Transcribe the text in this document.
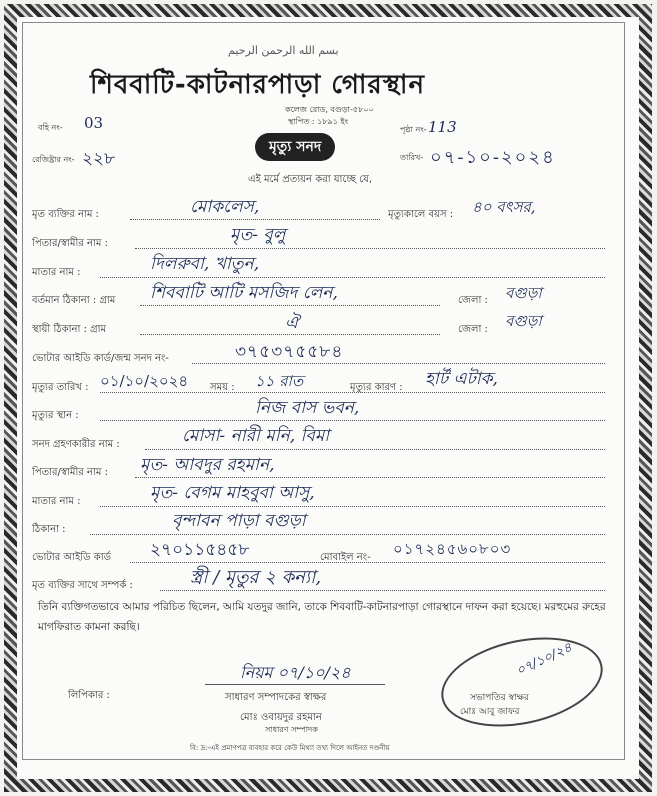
بسم الله الرحمن الرحيم
শিববাটি-কাটনারপাড়া গোরস্থান
কলেজ রোড, বগুড়া-৫৮০০
স্থাপিত : ১৮৯১ ইং
মৃত্যু সনদ
এই মর্মে প্রত্যয়ন করা যাচ্ছে যে,
বহি নং- 03	পৃষ্ঠা নং- 113
রেজিষ্ট্রার নং- ২২৮	তারিখ- ০৭-১০-২০২৪
মৃত ব্যক্তির নাম :	মোকলেস,	মৃত্যুকালে বয়স : ৪০ বৎসর,
পিতার/স্বামীর নাম :	মৃত- বুলু
মাতার নাম :	দিলরুবা, খাতুন,
বর্তমান ঠিকানা : গ্রাম শিববাটি আটি মসজিদ লেন,	জেলা : বগুড়া
স্থায়ী ঠিকানা : গ্রাম	ঐ	জেলা : বগুড়া
ভোটার আইডি কার্ড/জন্ম সনদ নং-	৩৭৫৩৭৫৫৮৪
মৃত্যুর তারিখ : ০১/১০/২০২৪ সময় : ১১ রাত	মৃত্যুর কারণ : হার্ট এটাক,
মৃত্যুর স্থান :	নিজ বাস ভবন,
সনদ গ্রহণকারীর নাম :	মোসা- নারী মনি, বিমা
পিতার/স্বামীর নাম : মৃত- আবদুর রহমান,
মাতার নাম :	মৃত- বেগম মাহবুবা আসু,
ঠিকানা :	বৃন্দাবন পাড়া বগুড়া
ভোটার আইডি কার্ড ২৭০১১৫৪৫৮	মোবাইল নং- ০১৭২৪৫৬০৮০৩
মৃত ব্যক্তির সাথে সম্পর্ক :	স্ত্রী / মৃতুর ২ কন্যা,
তিনি ব্যক্তিগতভাবে আমার পরিচিত ছিলেন, আমি যতদুর জানি, তাকে শিববাটি-কাটনারপাড়া গোরস্থানে দাফন করা হয়েছে। মরহুমের রুহের মাগফিরাত কামনা করছি।
নিয়ম ০৭/১০/২৪
লিপিকার :	সাধারণ সম্পাদকের স্বাক্ষর
মোঃ ওবায়দুর রহমান
সাধারণ সম্পাদক
০৭/১০/২৪
সভাপতির স্বাক্ষর
মোঃ আবু জাফর
বি: দ্র:-এই প্রমাণপত্র ব্যবহার করে কেউ মিথ্যা তথ্য দিলে আইনত দণ্ডনীয়
